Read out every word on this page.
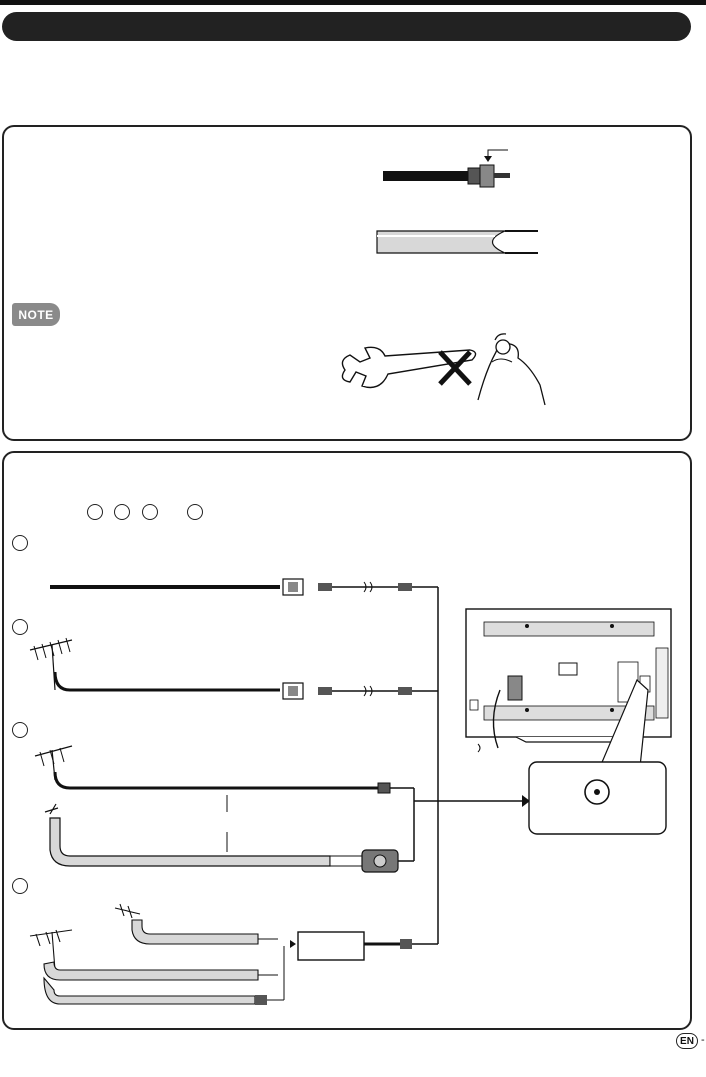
NOTE
EN -
